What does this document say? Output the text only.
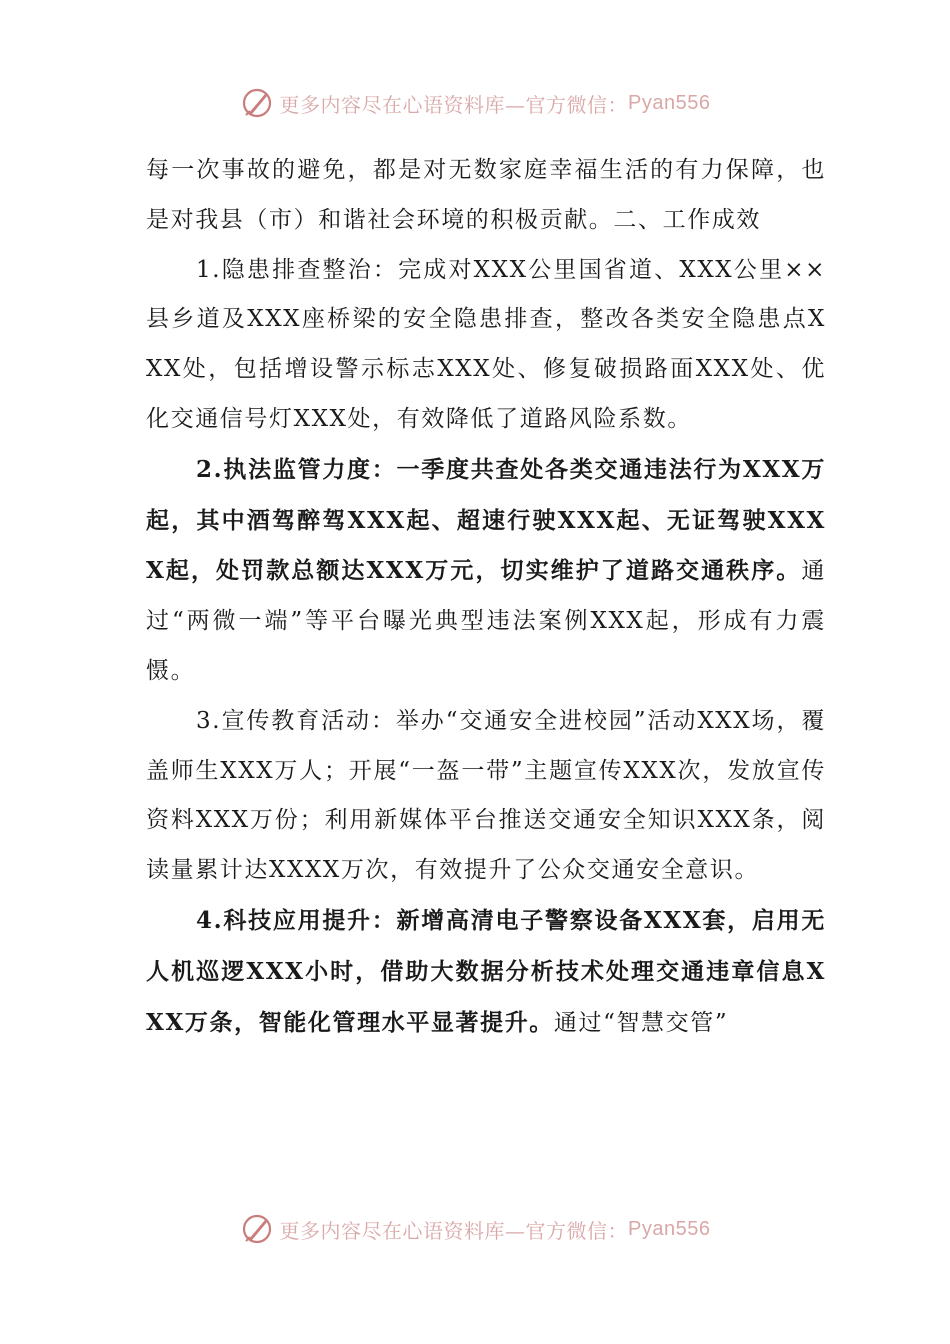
更多内容尽在心语资料库—官方微信： Pyan556

每一次事故的避免，都是对无数家庭幸福生活的有力保障，也是对我县（市）和谐社会环境的积极贡献。二、工作成效

1.隐患排查整治：完成对XXX公里国省道、XXX公里××县乡道及XXX座桥梁的安全隐患排查，整改各类安全隐患点XXX处，包括增设警示标志XXX处、修复破损路面XXX处、优化交通信号灯XXX处，有效降低了道路风险系数。

2.执法监管力度：一季度共查处各类交通违法行为XXX万起，其中酒驾醉驾XXX起、超速行驶XXX起、无证驾驶XXXX起，处罚款总额达XXX万元，切实维护了道路交通秩序。通过“两微一端”等平台曝光典型违法案例XXX起，形成有力震慑。

3.宣传教育活动：举办“交通安全进校园”活动XXX场，覆盖师生XXX万人；开展“一盔一带”主题宣传XXX次，发放宣传资料XXX万份；利用新媒体平台推送交通安全知识XXX条，阅读量累计达XXXX万次，有效提升了公众交通安全意识。

4.科技应用提升：新增高清电子警察设备XXX套，启用无人机巡逻XXX小时，借助大数据分析技术处理交通违章信息XXX万条，智能化管理水平显著提升。通过“智慧交管”

更多内容尽在心语资料库—官方微信： Pyan556
